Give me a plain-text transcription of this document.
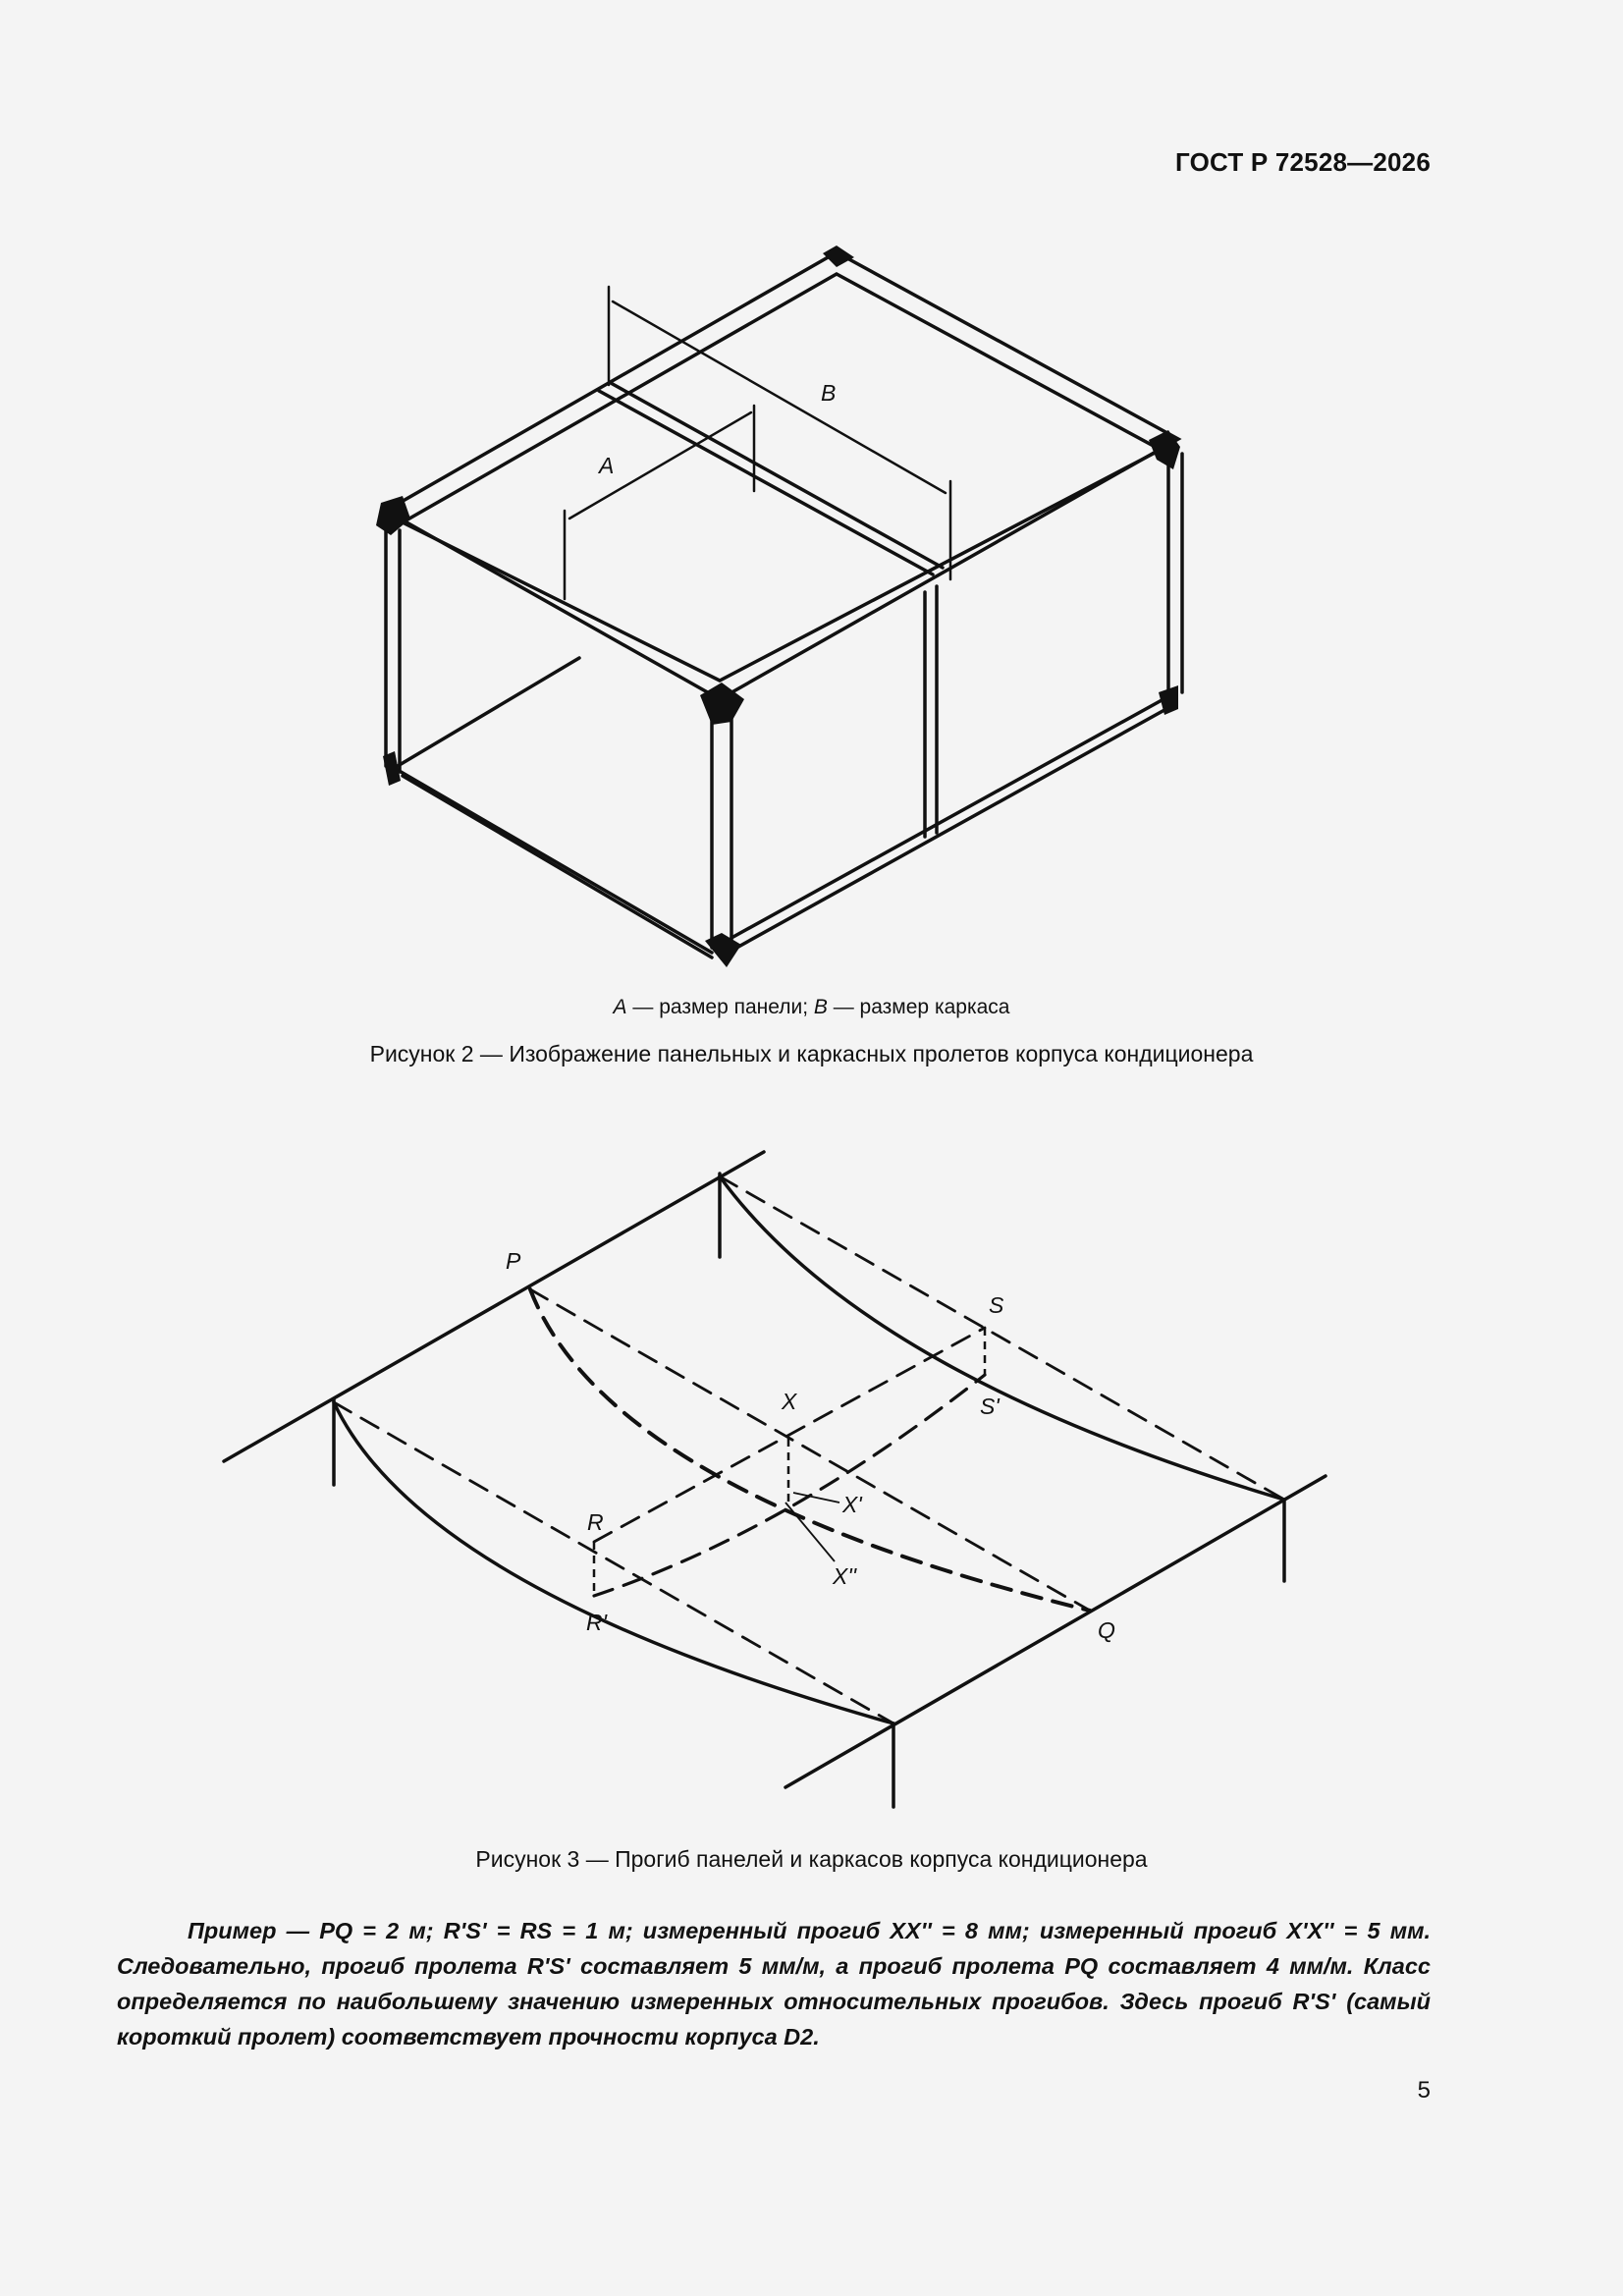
ГОСТ Р 72528—2026
A
B
A — размер панели; B — размер каркаса
Рисунок 2 — Изображение панельных и каркасных пролетов корпуса кондиционера
P
S
S'
X
X'
X''
R
R'	Q
Рисунок 3 — Прогиб панелей и каркасов корпуса кондиционера
Пример — PQ = 2 м; R'S' = RS = 1 м; измеренный прогиб XX'' = 8 мм; измеренный прогиб X'X'' = 5 мм. Следовательно, прогиб пролета R'S' составляет 5 мм/м, а прогиб пролета PQ составляет 4 мм/м. Класс определяется по наибольшему значению измеренных относительных прогибов. Здесь прогиб R'S' (самый короткий пролет) соответствует прочности корпуса D2.
5
